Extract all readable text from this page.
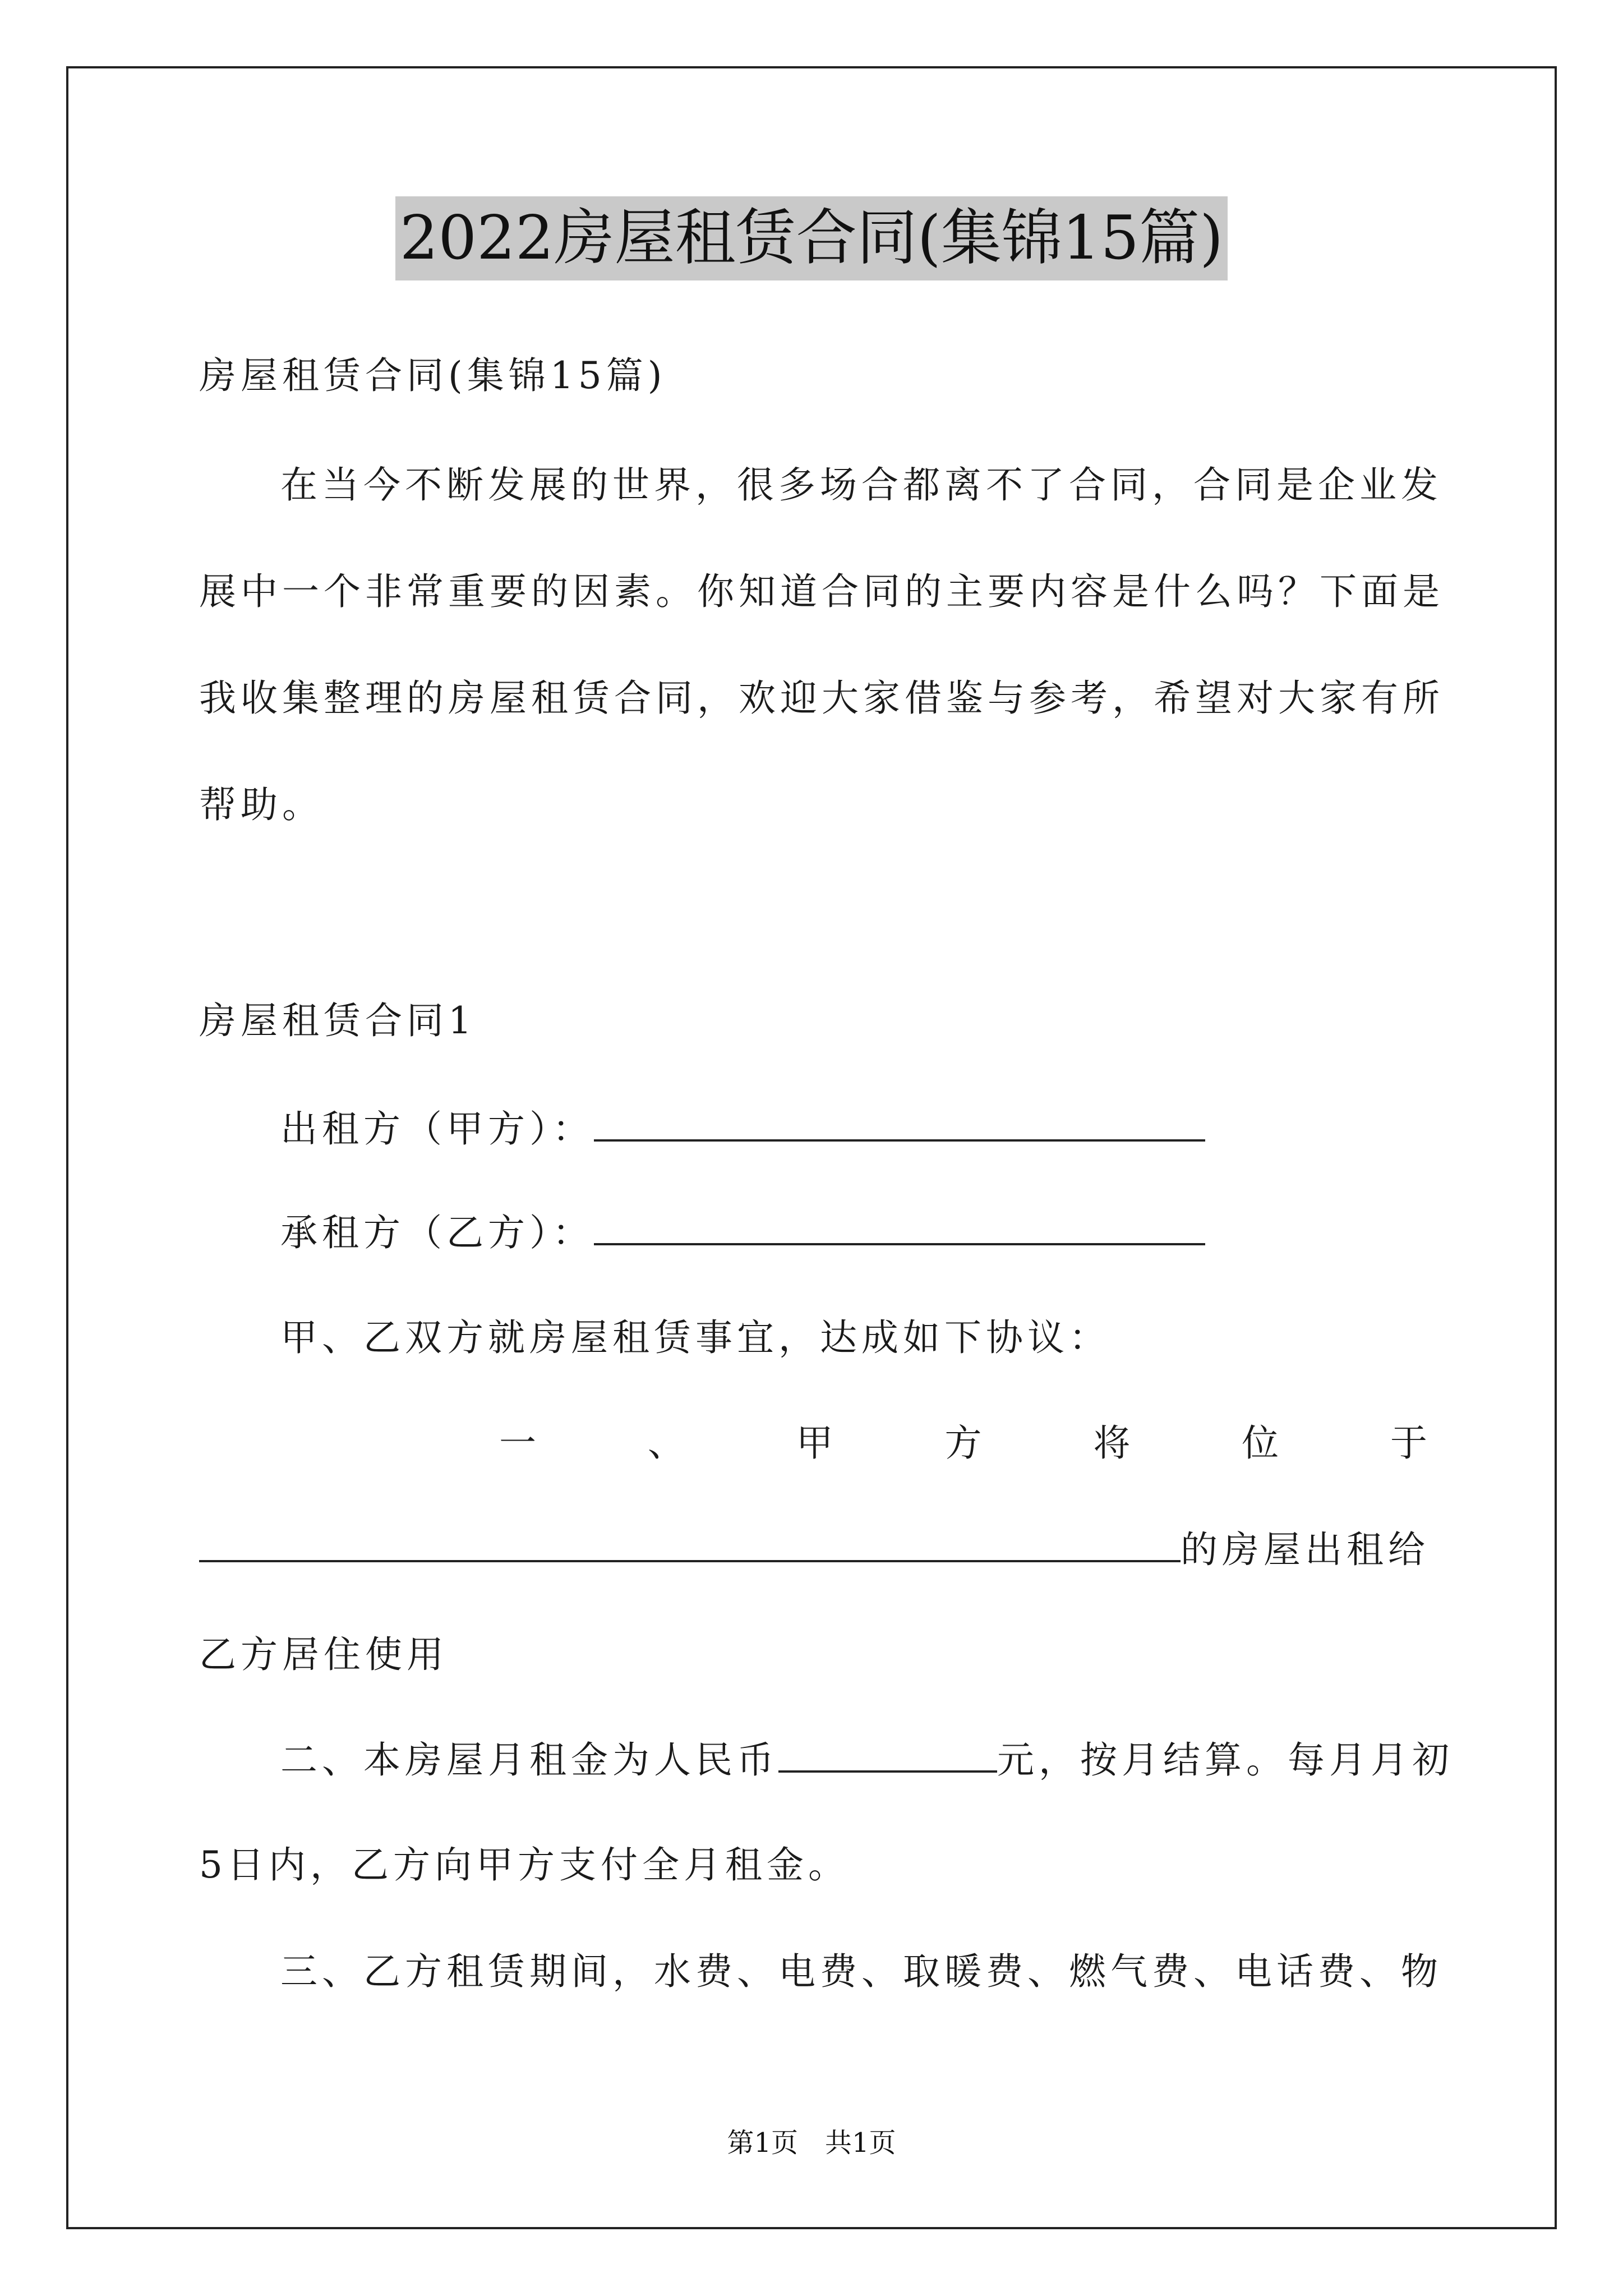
2022房屋租赁合同(集锦15篇)
房屋租赁合同(集锦15篇)
在当今不断发展的世界，很多场合都离不了合同，合同是企业发
展中一个非常重要的因素。你知道合同的主要内容是什么吗？下面是
我收集整理的房屋租赁合同，欢迎大家借鉴与参考，希望对大家有所
帮助。
房屋租赁合同1
出租方（甲方）：
承租方（乙方）：
甲、乙双方就房屋租赁事宜，达成如下协议：
一	、	甲	方	将	位	于
的房屋出租给
乙方居住使用
二、本房屋月租金为人民币	元，按月结算。每月月初
5日内，乙方向甲方支付全月租金。
三、乙方租赁期间，水费、电费、取暖费、燃气费、电话费、物
第1页　共1页
